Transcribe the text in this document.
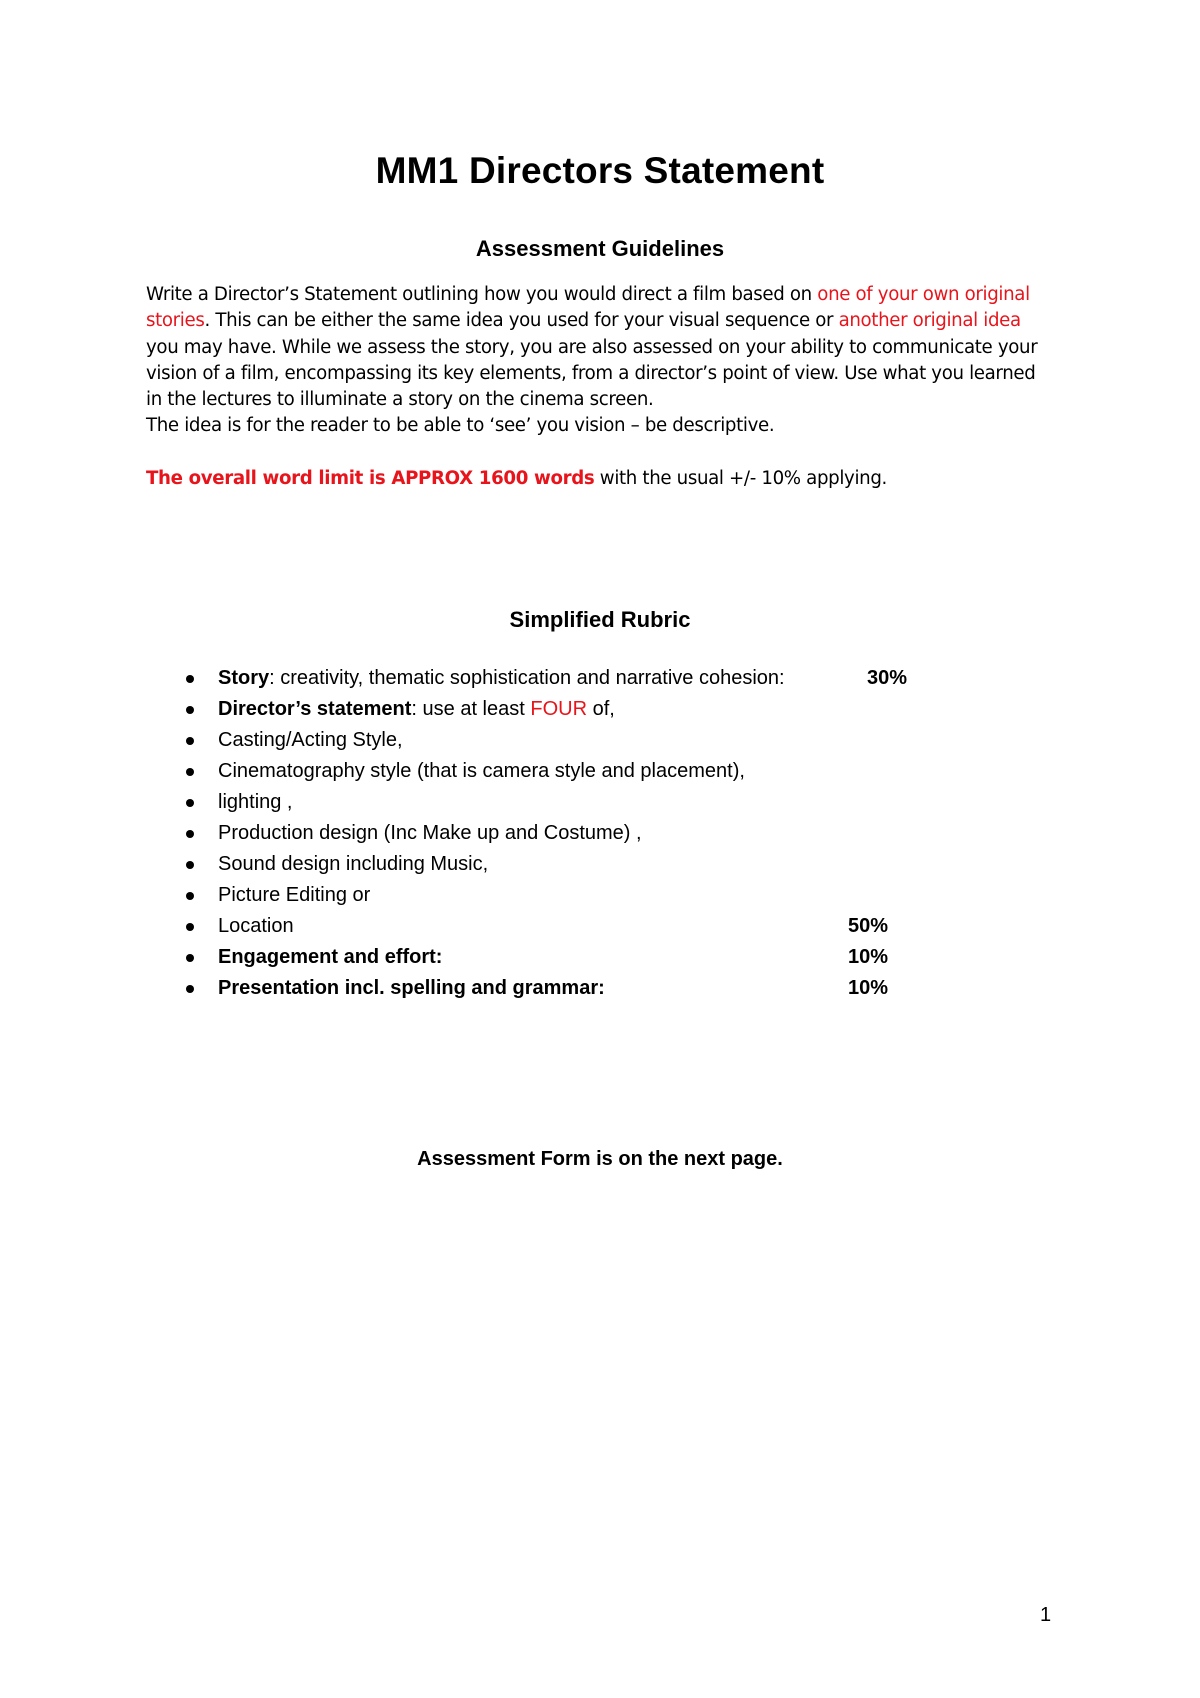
MM1 Directors Statement
Assessment Guidelines

Write a Director’s Statement outlining how you would direct a film based on one of your own original stories. This can be either the same idea you used for your visual sequence or another original idea you may have. While we assess the story, you are also assessed on your ability to communicate your vision of a film, encompassing its key elements, from a director’s point of view. Use what you learned in the lectures to illuminate a story on the cinema screen.

The idea is for the reader to be able to ‘see’ you vision – be descriptive.

The overall word limit is APPROX 1600 words with the usual +/- 10% applying.

Simplified Rubric
Story: creativity, thematic sophistication and narrative cohesion:	30%
Director’s statement: use at least FOUR of,
Casting/Acting Style,
Cinematography style (that is camera style and placement),
lighting ,
Production design (Inc Make up and Costume) ,
Sound design including Music,
Picture Editing or
Location	50%
Engagement and effort:	10%
Presentation incl. spelling and grammar:	10%
Assessment Form is on the next page.
1
